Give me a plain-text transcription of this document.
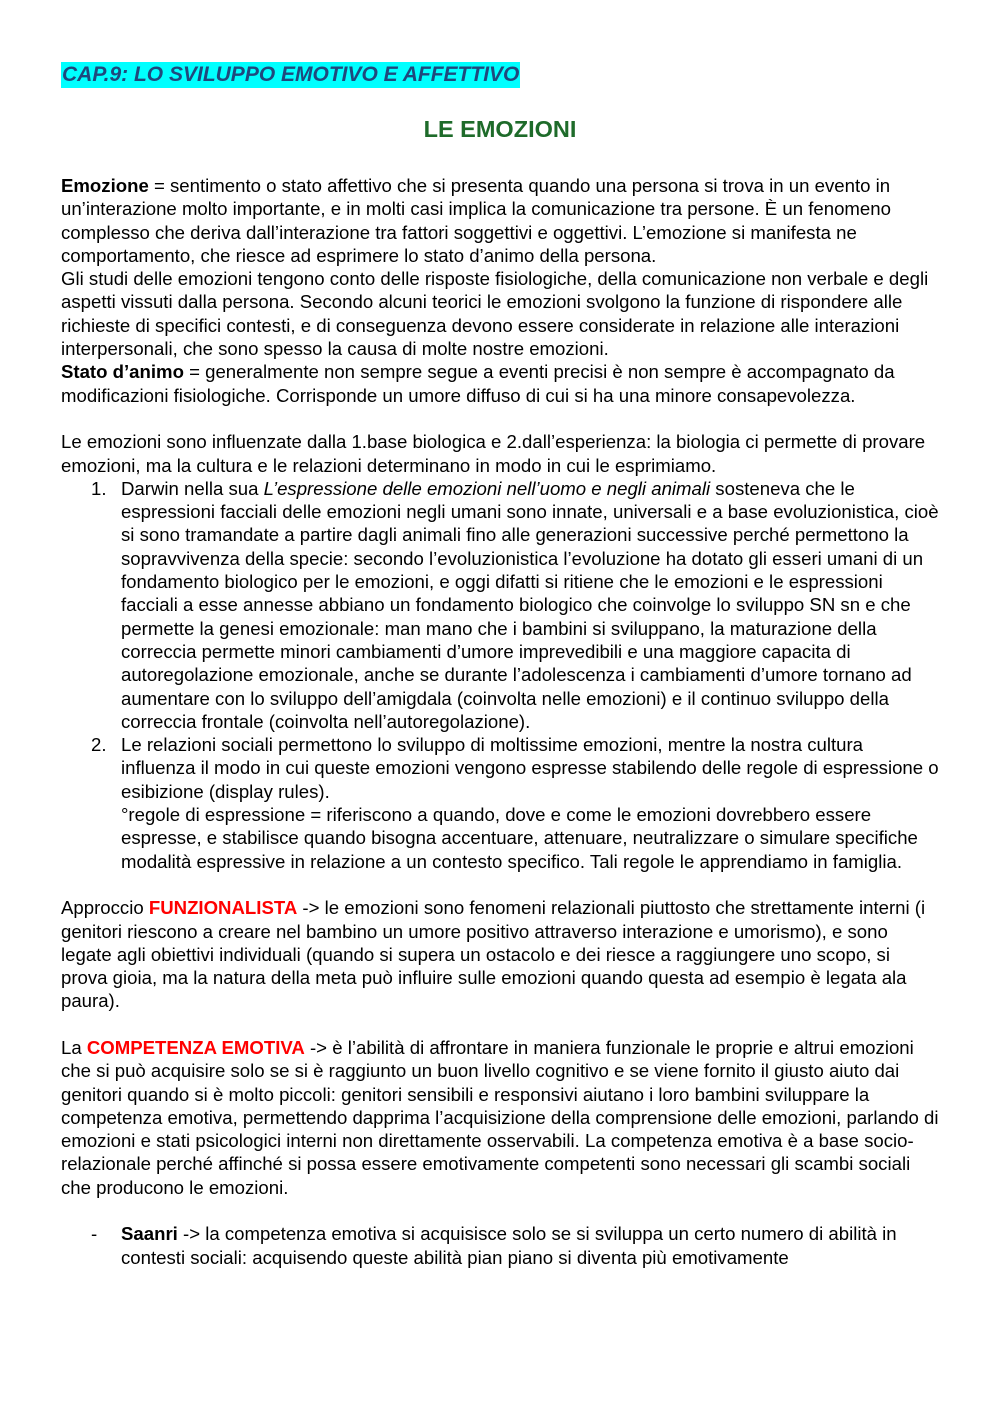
CAP.9: LO SVILUPPO EMOTIVO E AFFETTIVO
LE EMOZIONI

Emozione = sentimento o stato affettivo che si presenta quando una persona si trova in un evento in un’interazione molto importante, e in molti casi implica la comunicazione tra persone. È un fenomeno complesso che deriva dall’interazione tra fattori soggettivi e oggettivi. L’emozione si manifesta ne comportamento, che riesce ad esprimere lo stato d’animo della persona.

Gli studi delle emozioni tengono conto delle risposte fisiologiche, della comunicazione non verbale e degli aspetti vissuti dalla persona. Secondo alcuni teorici le emozioni svolgono la funzione di rispondere alle richieste di specifici contesti, e di conseguenza devono essere considerate in relazione alle interazioni interpersonali, che sono spesso la causa di molte nostre emozioni.

Stato d’animo = generalmente non sempre segue a eventi precisi è non sempre è accompagnato da modificazioni fisiologiche. Corrisponde un umore diffuso di cui si ha una minore consapevolezza.

Le emozioni sono influenzate dalla 1.base biologica e 2.dall’esperienza: la biologia ci permette di provare emozioni, ma la cultura e le relazioni determinano in modo in cui le esprimiamo.

1. Darwin nella sua L’espressione delle emozioni nell’uomo e negli animali sosteneva che le espressioni facciali delle emozioni negli umani sono innate, universali e a base evoluzionistica, cioè si sono tramandate a partire dagli animali fino alle generazioni successive perché permettono la sopravvivenza della specie: secondo l’evoluzionistica l’evoluzione ha dotato gli esseri umani di un fondamento biologico per le emozioni, e oggi difatti si ritiene che le emozioni e le espressioni facciali a esse annesse abbiano un fondamento biologico che coinvolge lo sviluppo SN sn e che permette la genesi emozionale: man mano che i bambini si sviluppano, la maturazione della correccia permette minori cambiamenti d’umore imprevedibili e una maggiore capacita di autoregolazione emozionale, anche se durante l’adolescenza i cambiamenti d’umore tornano ad aumentare con lo sviluppo dell’amigdala (coinvolta nelle emozioni) e il continuo sviluppo della correccia frontale (coinvolta nell’autoregolazione).
2. Le relazioni sociali permettono lo sviluppo di moltissime emozioni, mentre la nostra cultura influenza il modo in cui queste emozioni vengono espresse stabilendo delle regole di espressione o esibizione (display rules).
°regole di espressione = riferiscono a quando, dove e come le emozioni dovrebbero essere espresse, e stabilisce quando bisogna accentuare, attenuare, neutralizzare o simulare specifiche modalità espressive in relazione a un contesto specifico. Tali regole le apprendiamo in famiglia.

Approccio FUNZIONALISTA -> le emozioni sono fenomeni relazionali piuttosto che strettamente interni (i genitori riescono a creare nel bambino un umore positivo attraverso interazione e umorismo), e sono legate agli obiettivi individuali (quando si supera un ostacolo e dei riesce a raggiungere uno scopo, si prova gioia, ma la natura della meta può influire sulle emozioni quando questa ad esempio è legata ala paura).

La COMPETENZA EMOTIVA -> è l’abilità di affrontare in maniera funzionale le proprie e altrui emozioni che si può acquisire solo se si è raggiunto un buon livello cognitivo e se viene fornito il giusto aiuto dai genitori quando si è molto piccoli: genitori sensibili e responsivi aiutano i loro bambini sviluppare la competenza emotiva, permettendo dapprima l’acquisizione della comprensione delle emozioni, parlando di emozioni e stati psicologici interni non direttamente osservabili. La competenza emotiva è a base socio-relazionale perché affinché si possa essere emotivamente competenti sono necessari gli scambi sociali che producono le emozioni.

- Saanri -> la competenza emotiva si acquisisce solo se si sviluppa un certo numero di abilità in contesti sociali: acquisendo queste abilità pian piano si diventa più emotivamente
